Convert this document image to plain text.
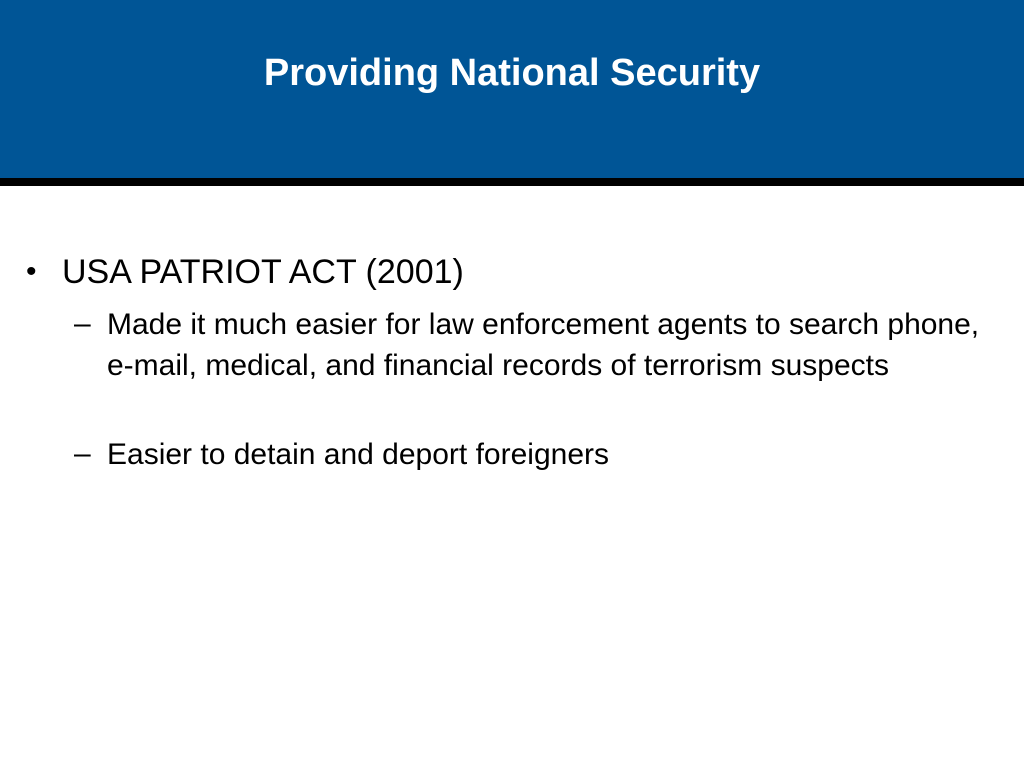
Providing National Security
• USA PATRIOT ACT (2001)
– Made it much easier for law enforcement agents to search phone, e-mail, medical, and financial records of terrorism suspects
– Easier to detain and deport foreigners
